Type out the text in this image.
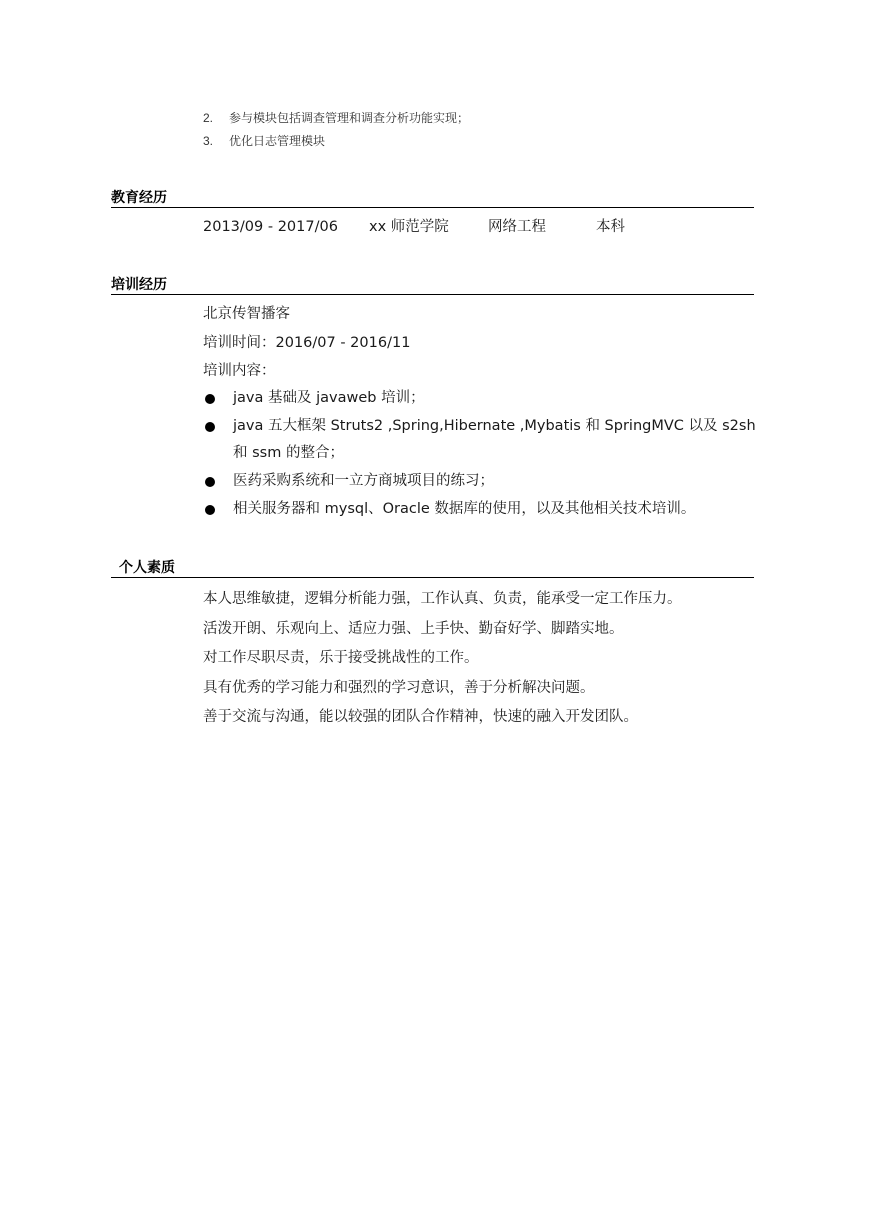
2. 参与模块包括调查管理和调查分析功能实现；
3. 优化日志管理模块
教育经历
2013/09 - 2017/06 xx 师范学院	网络工程	本科
培训经历
北京传智播客
培训时间：2016/07 - 2016/11
培训内容：
java 基础及 javaweb 培训；
java 五大框架 Struts2 ,Spring,Hibernate ,Mybatis 和 SpringMVC 以及 s2sh 和 ssm 的整合；
医药采购系统和一立方商城项目的练习；
相关服务器和 mysql、Oracle 数据库的使用，以及其他相关技术培训。
个人素质
本人思维敏捷，逻辑分析能力强，工作认真、负责，能承受一定工作压力。
活泼开朗、乐观向上、适应力强、上手快、勤奋好学、脚踏实地。
对工作尽职尽责，乐于接受挑战性的工作。
具有优秀的学习能力和强烈的学习意识，善于分析解决问题。
善于交流与沟通，能以较强的团队合作精神，快速的融入开发团队。
